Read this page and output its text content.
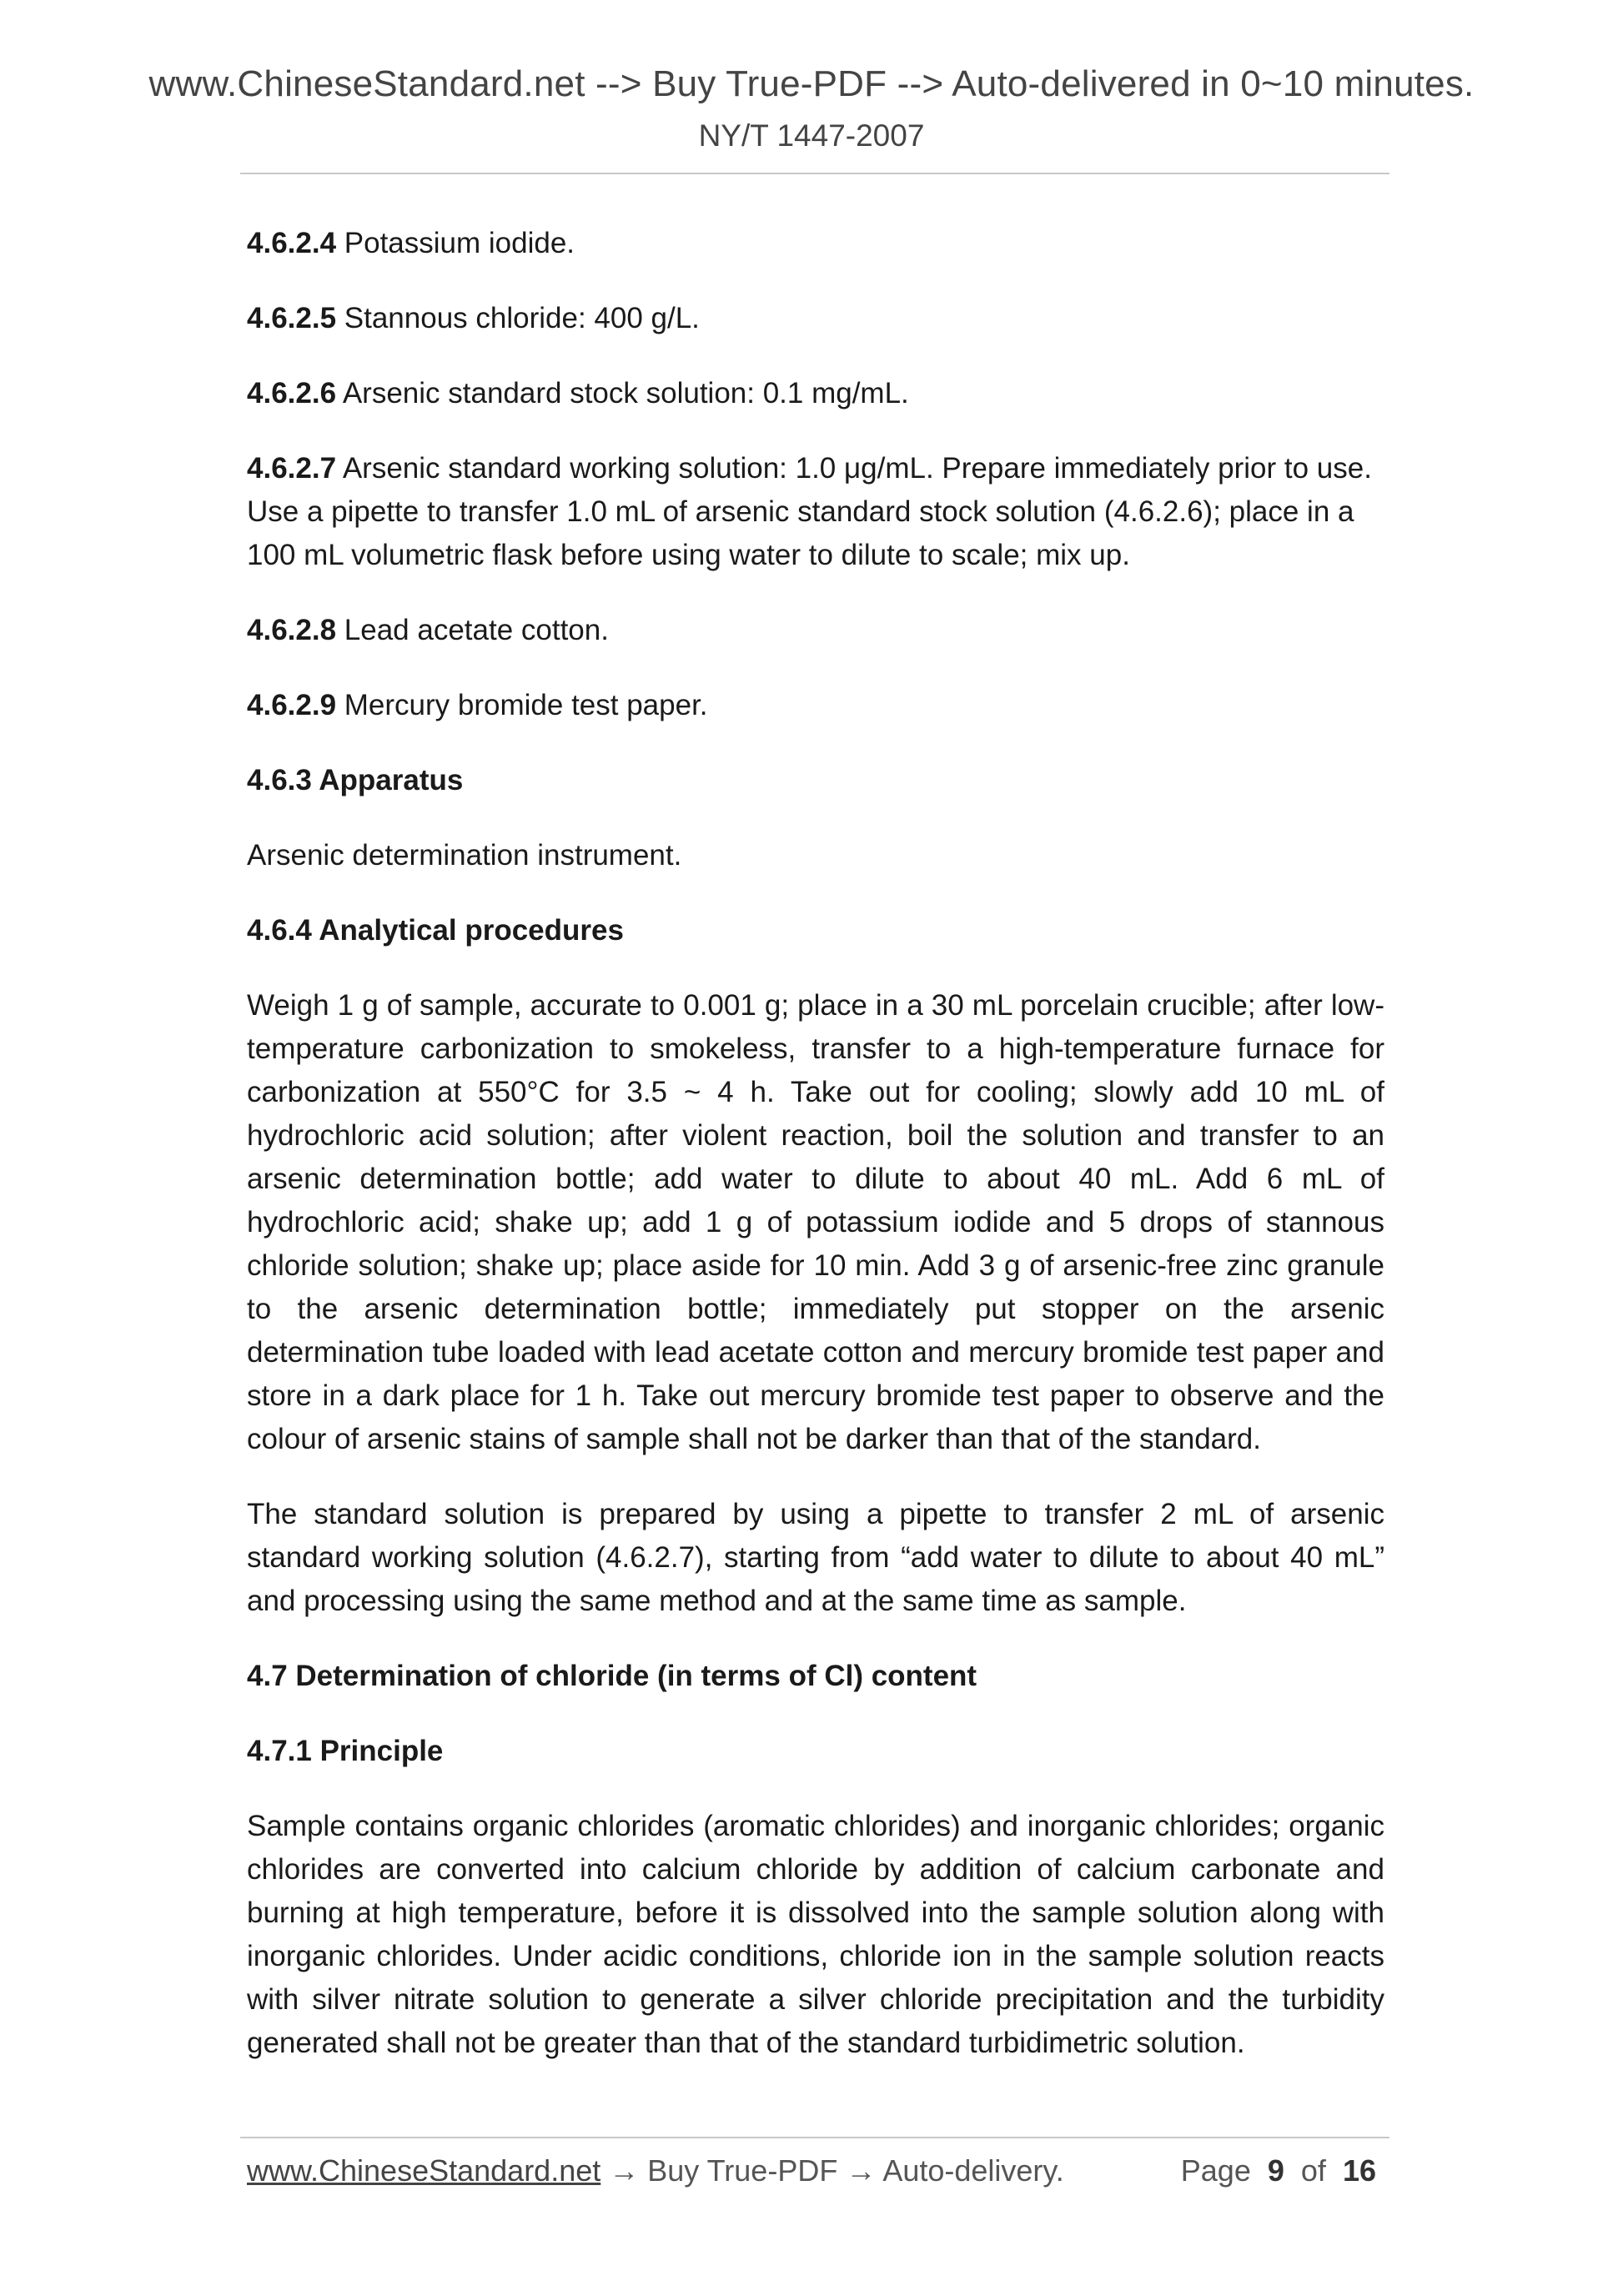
www.ChineseStandard.net --> Buy True-PDF --> Auto-delivered in 0~10 minutes.
NY/T 1447-2007

4.6.2.4 Potassium iodide.

4.6.2.5 Stannous chloride: 400 g/L.

4.6.2.6 Arsenic standard stock solution: 0.1 mg/mL.

4.6.2.7 Arsenic standard working solution: 1.0 μg/mL. Prepare immediately prior to use. Use a pipette to transfer 1.0 mL of arsenic standard stock solution (4.6.2.6); place in a 100 mL volumetric flask before using water to dilute to scale; mix up.

4.6.2.8 Lead acetate cotton.

4.6.2.9 Mercury bromide test paper.

4.6.3 Apparatus

Arsenic determination instrument.

4.6.4 Analytical procedures

Weigh 1 g of sample, accurate to 0.001 g; place in a 30 mL porcelain crucible; after low-temperature carbonization to smokeless, transfer to a high-temperature furnace for carbonization at 550°C for 3.5 ~ 4 h. Take out for cooling; slowly add 10 mL of hydrochloric acid solution; after violent reaction, boil the solution and transfer to an arsenic determination bottle; add water to dilute to about 40 mL. Add 6 mL of hydrochloric acid; shake up; add 1 g of potassium iodide and 5 drops of stannous chloride solution; shake up; place aside for 10 min. Add 3 g of arsenic-free zinc granule to the arsenic determination bottle; immediately put stopper on the arsenic determination tube loaded with lead acetate cotton and mercury bromide test paper and store in a dark place for 1 h. Take out mercury bromide test paper to observe and the colour of arsenic stains of sample shall not be darker than that of the standard.

The standard solution is prepared by using a pipette to transfer 2 mL of arsenic standard working solution (4.6.2.7), starting from “add water to dilute to about 40 mL” and processing using the same method and at the same time as sample.

4.7 Determination of chloride (in terms of Cl) content

4.7.1 Principle

Sample contains organic chlorides (aromatic chlorides) and inorganic chlorides; organic chlorides are converted into calcium chloride by addition of calcium carbonate and burning at high temperature, before it is dissolved into the sample solution along with inorganic chlorides. Under acidic conditions, chloride ion in the sample solution reacts with silver nitrate solution to generate a silver chloride precipitation and the turbidity generated shall not be greater than that of the standard turbidimetric solution.

www.ChineseStandard.net → Buy True-PDF → Auto-delivery.	Page 9 of 16
